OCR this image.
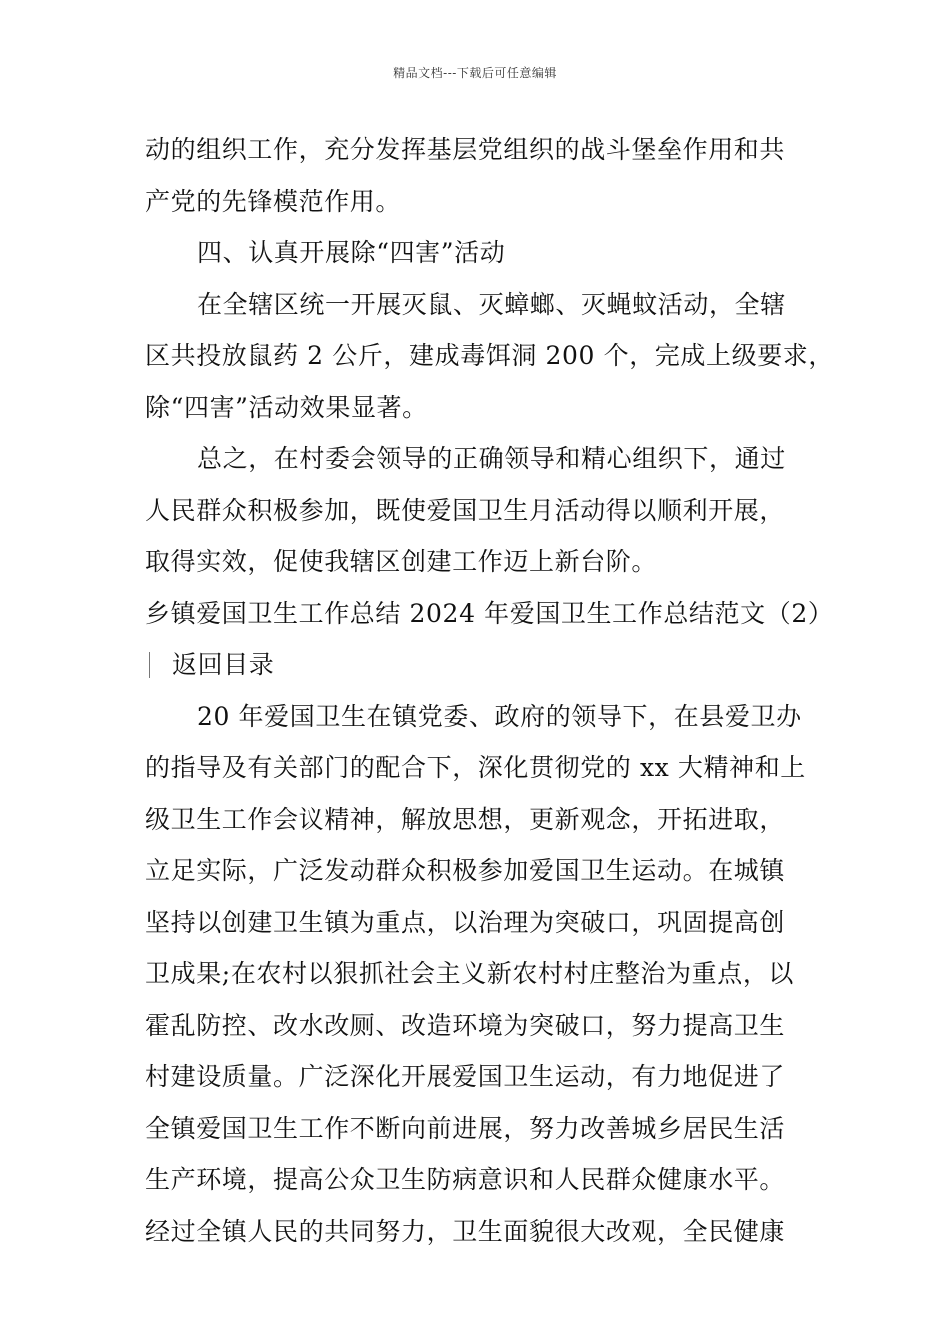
精品文档---下载后可任意编辑
动的组织工作，充分发挥基层党组织的战斗堡垒作用和共
产党的先锋模范作用。
四、认真开展除“四害”活动
在全辖区统一开展灭鼠、灭蟑螂、灭蝇蚊活动，全辖
区共投放鼠药 2 公斤，建成毒饵洞 200 个，完成上级要求，
除“四害”活动效果显著。
总之，在村委会领导的正确领导和精心组织下，通过
人民群众积极参加，既使爱国卫生月活动得以顺利开展，
取得实效，促使我辖区创建工作迈上新台阶。
乡镇爱国卫生工作总结 2024 年爱国卫生工作总结范文（2）
返回目录
20 年爱国卫生在镇党委、政府的领导下，在县爱卫办
的指导及有关部门的配合下，深化贯彻党的 xx 大精神和上
级卫生工作会议精神，解放思想，更新观念，开拓进取，
立足实际，广泛发动群众积极参加爱国卫生运动。在城镇
坚持以创建卫生镇为重点，以治理为突破口，巩固提高创
卫成果;在农村以狠抓社会主义新农村村庄整治为重点，以
霍乱防控、改水改厕、改造环境为突破口，努力提高卫生
村建设质量。广泛深化开展爱国卫生运动，有力地促进了
全镇爱国卫生工作不断向前进展，努力改善城乡居民生活
生产环境，提高公众卫生防病意识和人民群众健康水平。
经过全镇人民的共同努力，卫生面貌很大改观，全民健康
